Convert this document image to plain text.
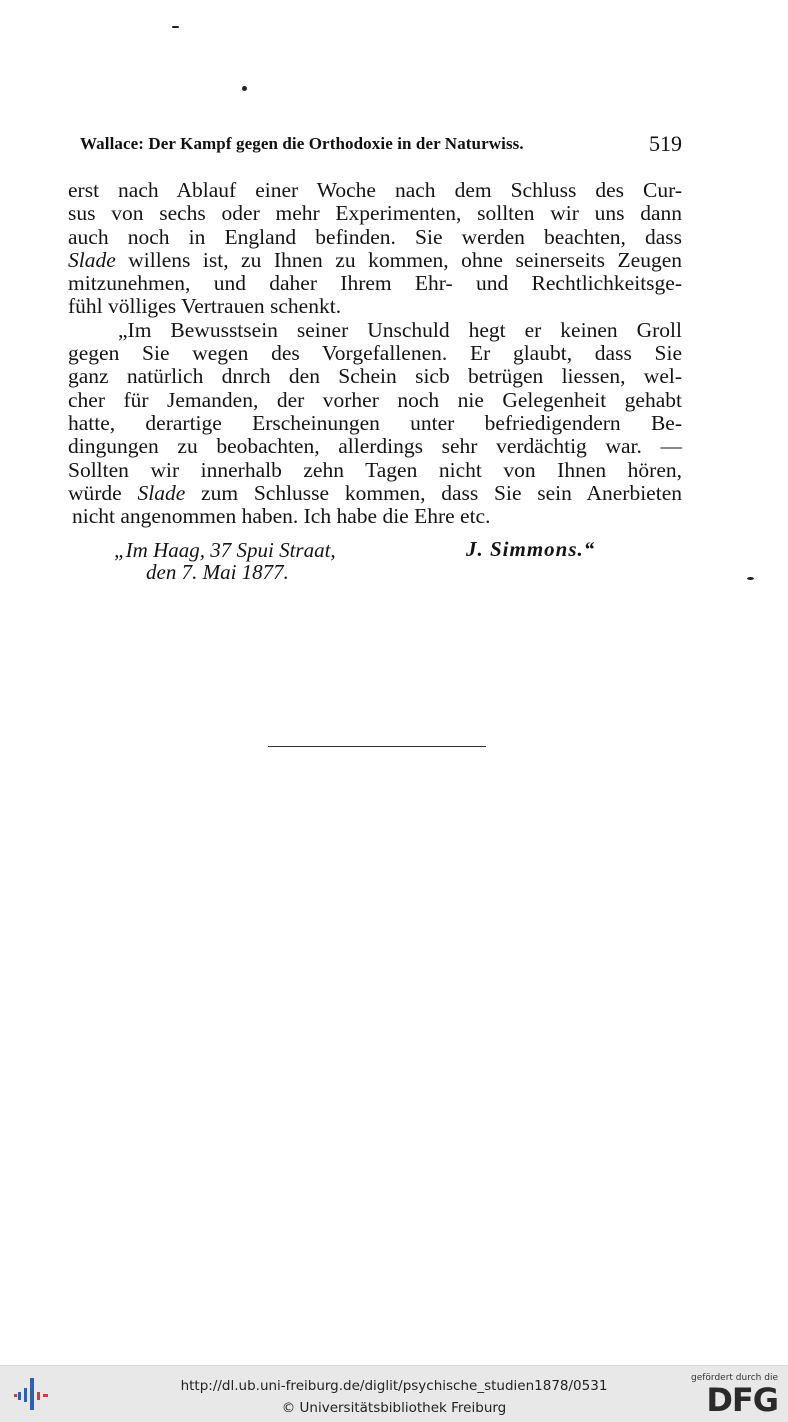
Wallace: Der Kampf gegen die Orthodoxie in der Naturwiss.	519
erst nach Ablauf einer Woche nach dem Schluss des Cur-
sus von sechs oder mehr Experimenten, sollten wir uns dann
auch noch in England befinden. Sie werden beachten, dass
Slade willens ist, zu Ihnen zu kommen, ohne seinerseits Zeugen
mitzunehmen, und daher Ihrem Ehr- und Rechtlichkeitsge-
fühl völliges Vertrauen schenkt.
„Im Bewusstsein seiner Unschuld hegt er keinen Groll
gegen Sie wegen des Vorgefallenen. Er glaubt, dass Sie
ganz natürlich dnrch den Schein sicb betrügen liessen, wel-
cher für Jemanden, der vorher noch nie Gelegenheit gehabt
hatte, derartige Erscheinungen unter befriedigendern Be-
dingungen zu beobachten, allerdings sehr verdächtig war. —
Sollten wir innerhalb zehn Tagen nicht von Ihnen hören,
würde Slade zum Schlusse kommen, dass Sie sein Anerbieten
nicht angenommen haben. Ich habe die Ehre etc.
„Im Haag, 37 Spui Straat,
den 7. Mai 1877.
J. Simmons.“
http://dl.ub.uni-freiburg.de/diglit/psychische_studien1878/0531
© Universitätsbibliothek Freiburg
gefördert durch die
DFG
